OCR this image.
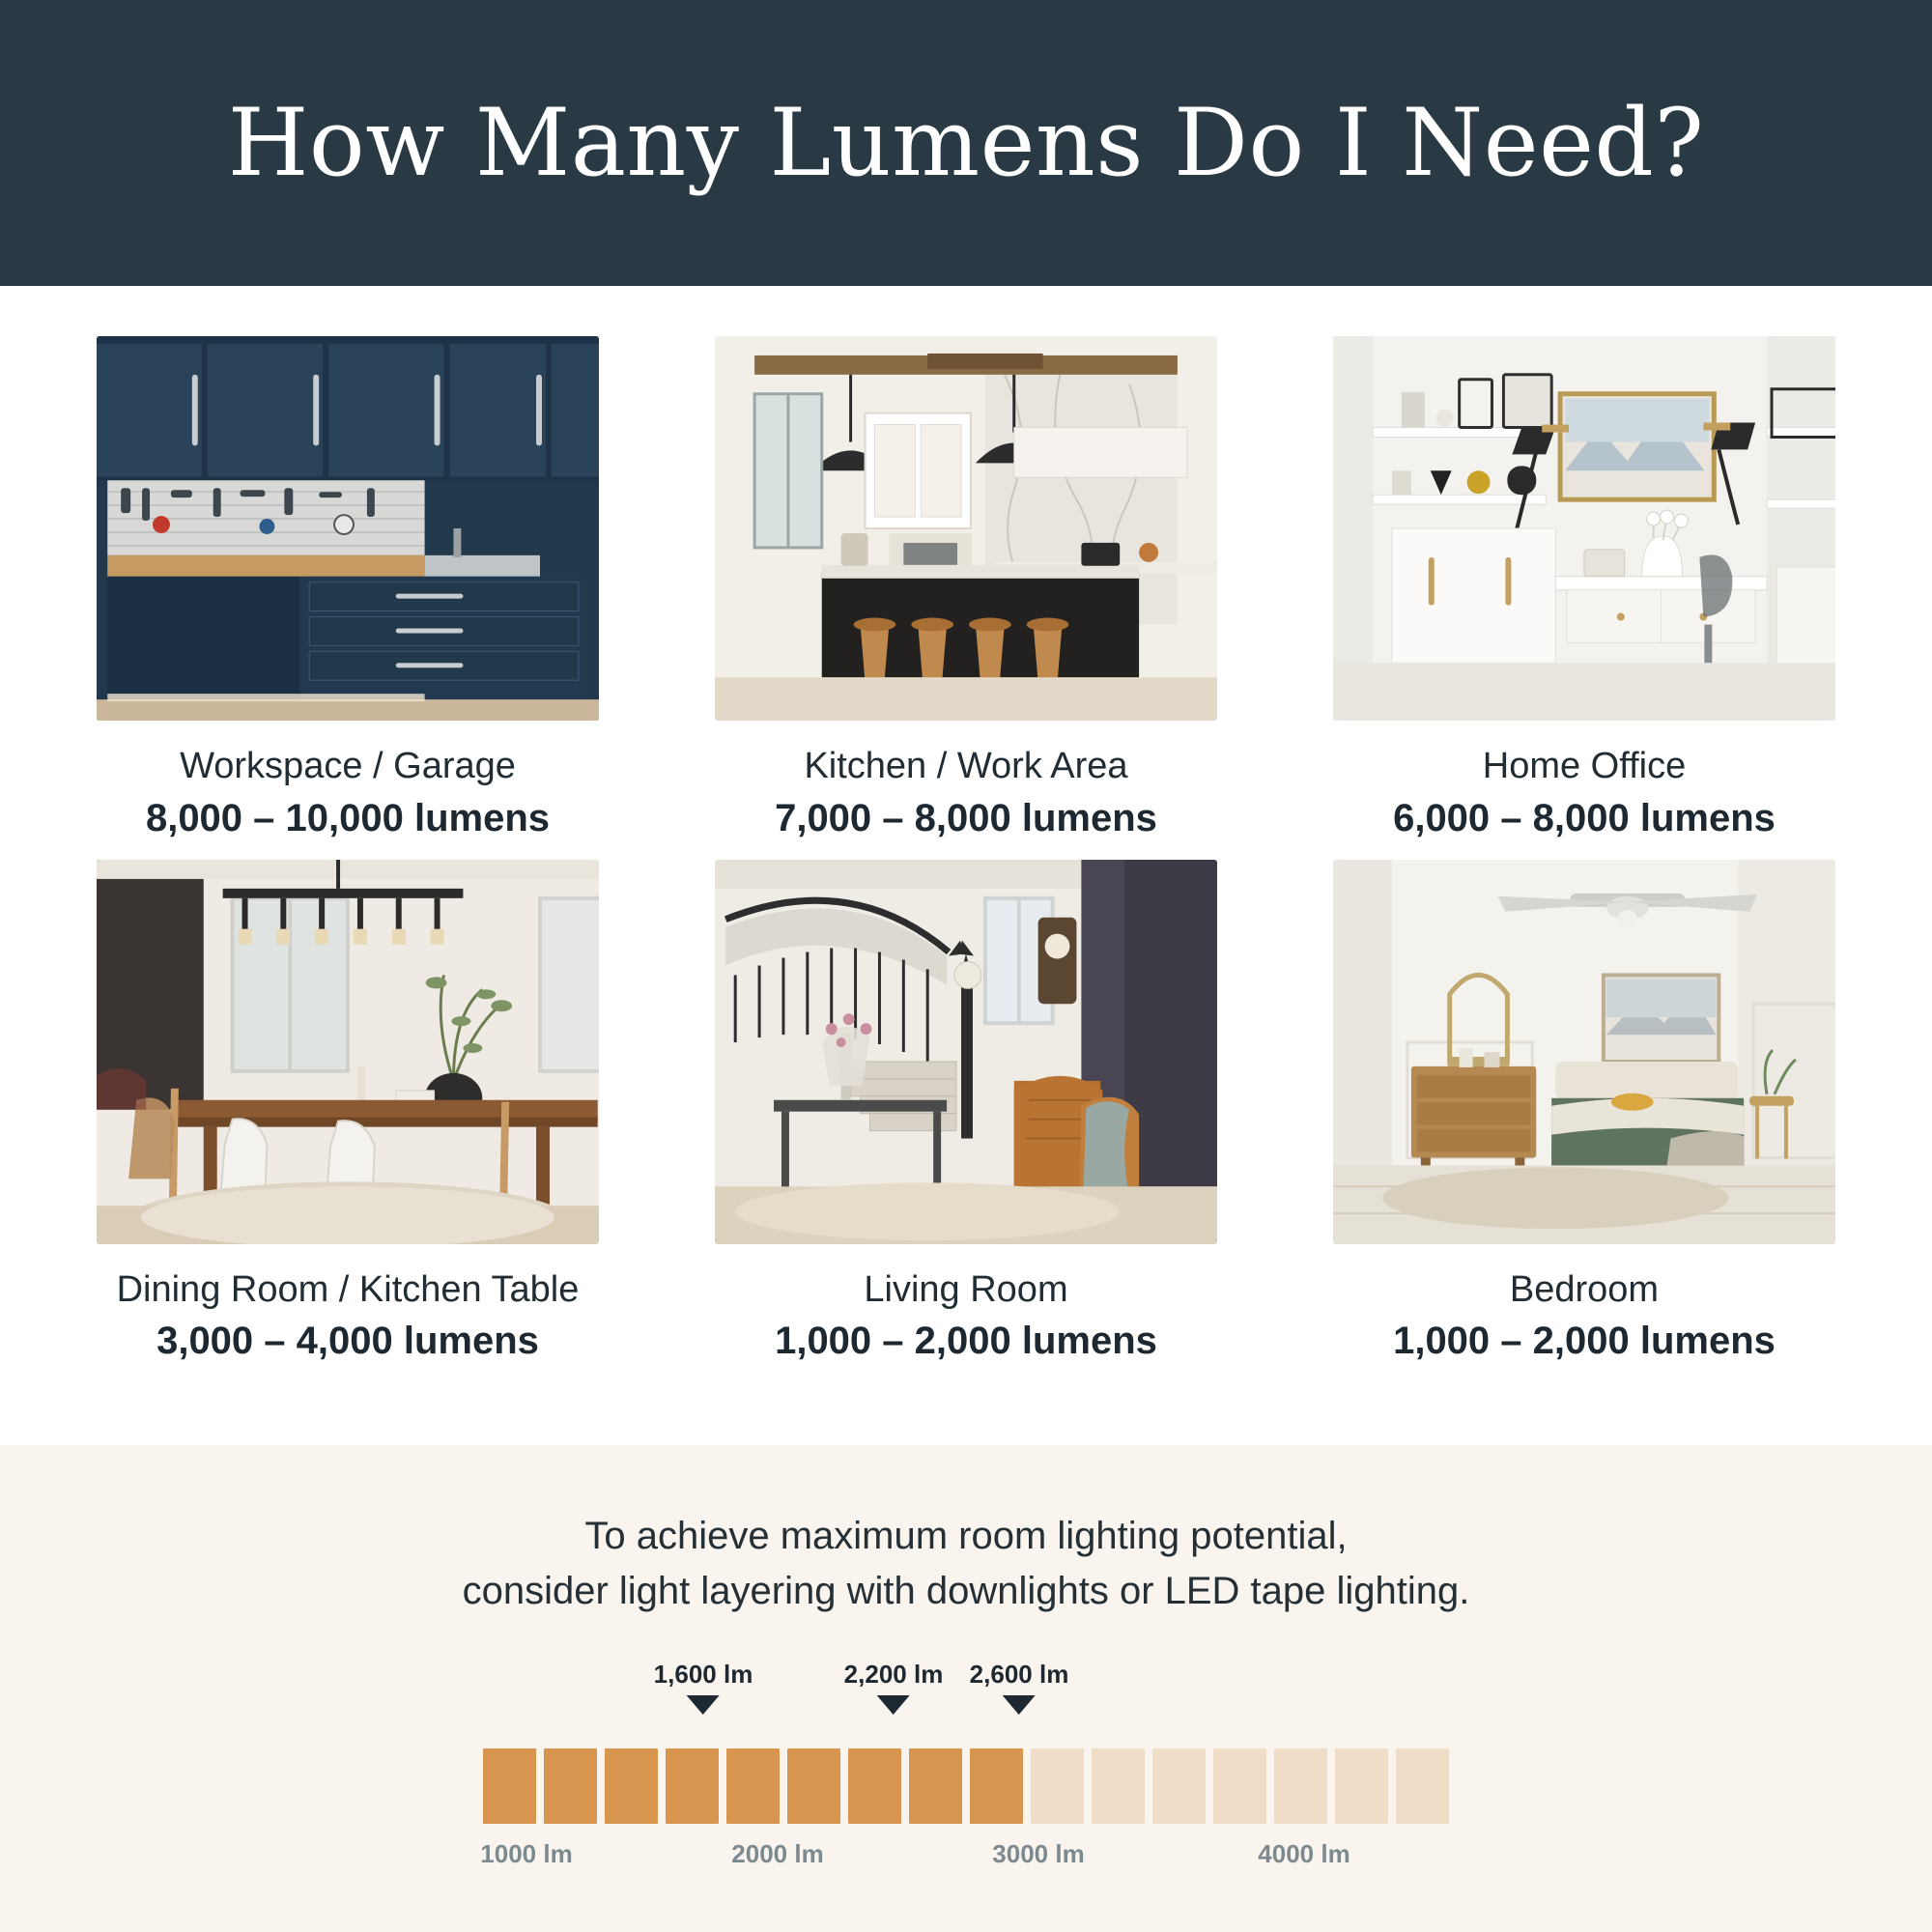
How Many Lumens Do I Need?
Workspace / Garage
8,000 – 10,000 lumens
Kitchen / Work Area
7,000 – 8,000 lumens
Home Office
6,000 – 8,000 lumens
Dining Room / Kitchen Table
3,000 – 4,000 lumens
Living Room
1,000 – 2,000 lumens
Bedroom
1,000 – 2,000 lumens
To achieve maximum room lighting potential,
consider light layering with downlights or LED tape lighting.
1,600 lm	2,200 lm 2,600 lm
1000 lm	2000 lm	3000 lm	4000 lm
